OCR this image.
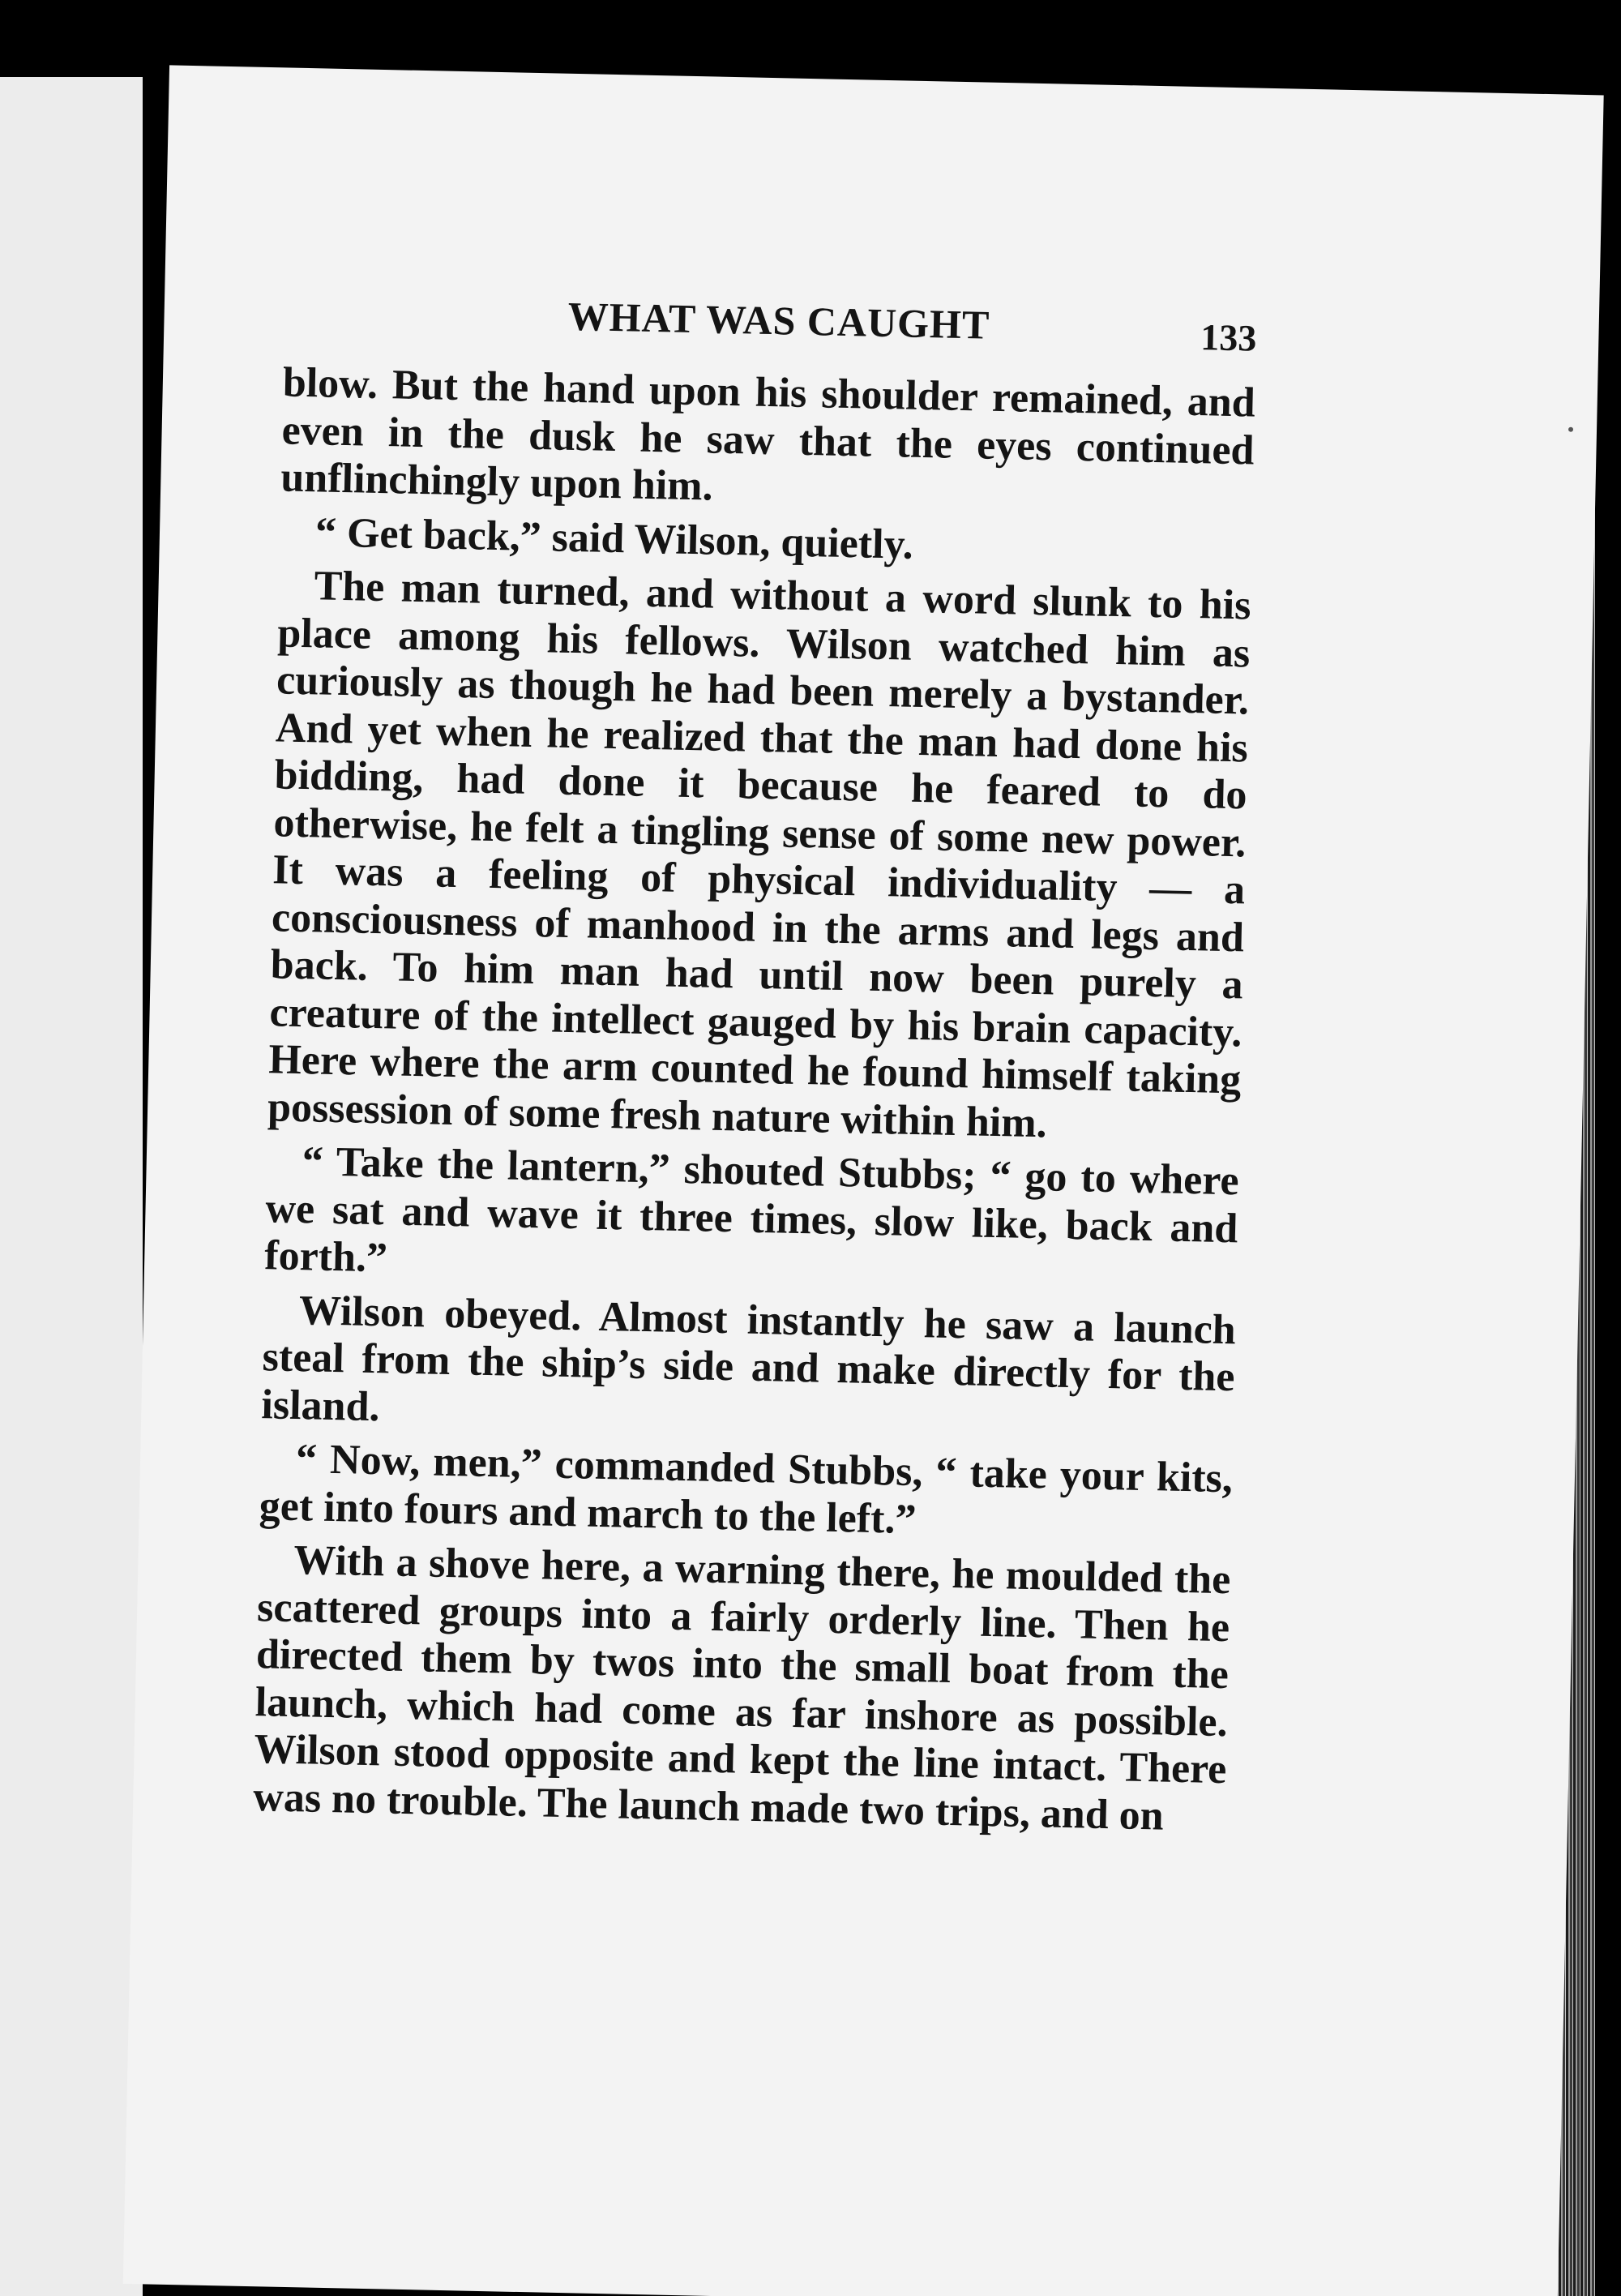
WHAT WAS CAUGHT	133

blow. But the hand upon his shoulder remained, and even in the dusk he saw that the eyes continued unflinchingly upon him.

“ Get back,” said Wilson, quietly.

The man turned, and without a word slunk to his place among his fellows. Wilson watched him as curiously as though he had been merely a bystander. And yet when he realized that the man had done his bidding, had done it because he feared to do otherwise, he felt a tingling sense of some new power. It was a feeling of physical individuality — a consciousness of manhood in the arms and legs and back. To him man had until now been purely a creature of the intellect gauged by his brain capacity. Here where the arm counted he found himself taking possession of some fresh nature within him.

“ Take the lantern,” shouted Stubbs; “ go to where we sat and wave it three times, slow like, back and forth.”

Wilson obeyed. Almost instantly he saw a launch steal from the ship’s side and make directly for the island.

“ Now, men,” commanded Stubbs, “ take your kits, get into fours and march to the left.”

With a shove here, a warning there, he moulded the scattered groups into a fairly orderly line. Then he directed them by twos into the small boat from the launch, which had come as far inshore as possible. Wilson stood opposite and kept the line intact. There was no trouble. The launch made two trips, and on
